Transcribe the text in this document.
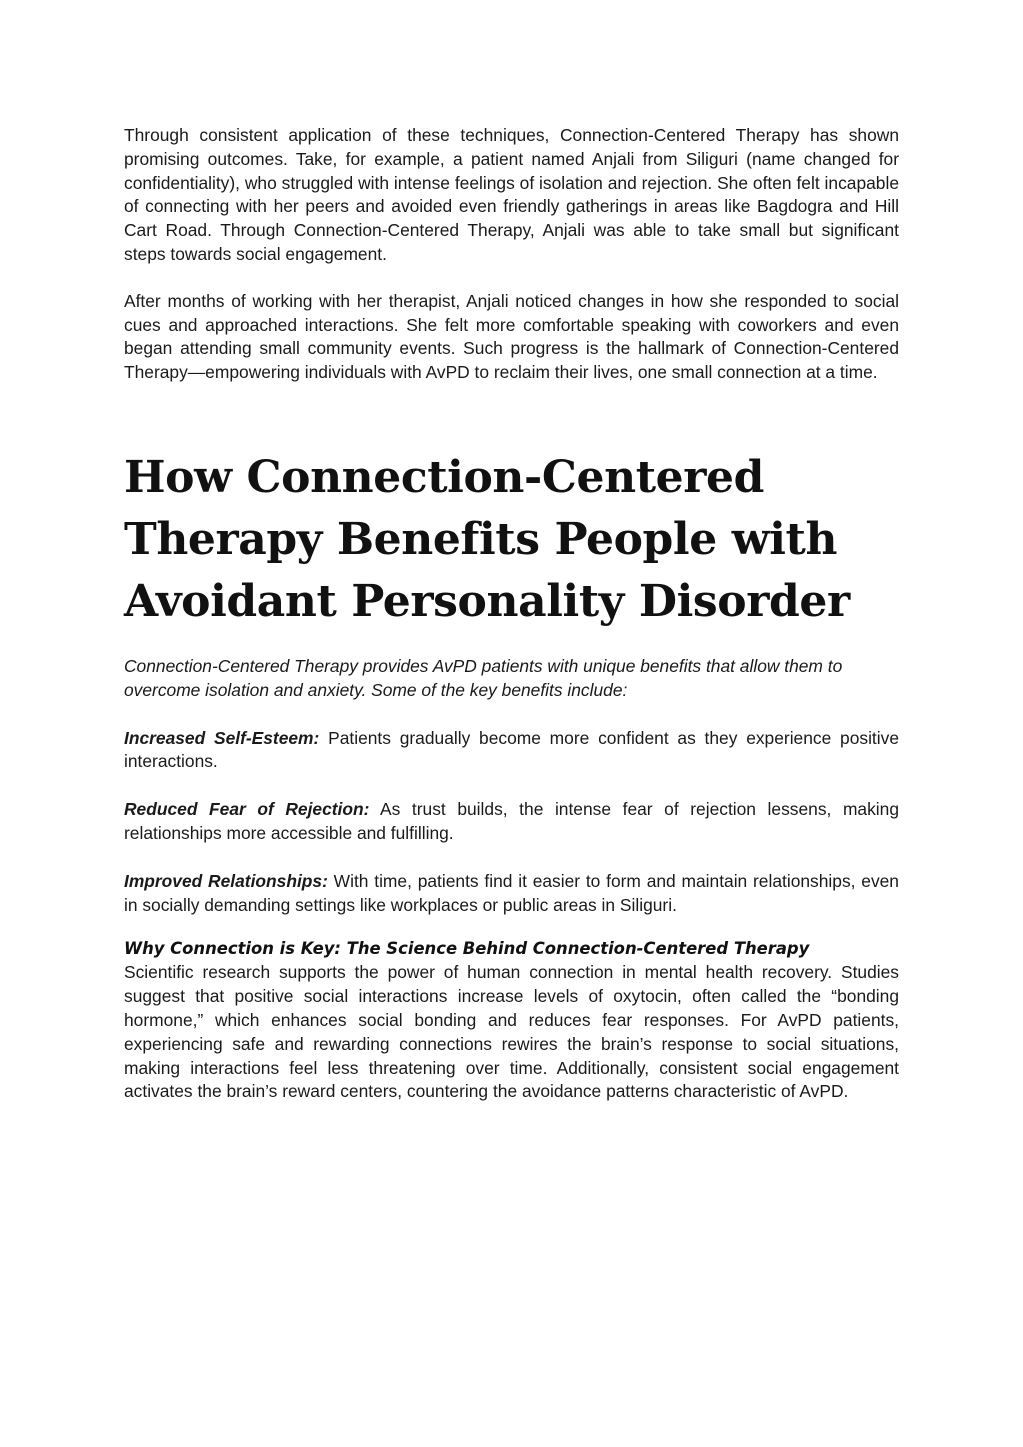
Through consistent application of these techniques, Connection-Centered Therapy has shown promising outcomes. Take, for example, a patient named Anjali from Siliguri (name changed for confidentiality), who struggled with intense feelings of isolation and rejection. She often felt incapable of connecting with her peers and avoided even friendly gatherings in areas like Bagdogra and Hill Cart Road. Through Connection-Centered Therapy, Anjali was able to take small but significant steps towards social engagement.

After months of working with her therapist, Anjali noticed changes in how she responded to social cues and approached interactions. She felt more comfortable speaking with coworkers and even began attending small community events. Such progress is the hallmark of Connection-Centered Therapy—empowering individuals with AvPD to reclaim their lives, one small connection at a time.

How Connection-Centered Therapy Benefits People with Avoidant Personality Disorder

Connection-Centered Therapy provides AvPD patients with unique benefits that allow them to overcome isolation and anxiety. Some of the key benefits include:

Increased Self-Esteem: Patients gradually become more confident as they experience positive interactions.

Reduced Fear of Rejection: As trust builds, the intense fear of rejection lessens, making relationships more accessible and fulfilling.

Improved Relationships: With time, patients find it easier to form and maintain relationships, even in socially demanding settings like workplaces or public areas in Siliguri.

Why Connection is Key: The Science Behind Connection-Centered Therapy

Scientific research supports the power of human connection in mental health recovery. Studies suggest that positive social interactions increase levels of oxytocin, often called the “bonding hormone,” which enhances social bonding and reduces fear responses. For AvPD patients, experiencing safe and rewarding connections rewires the brain’s response to social situations, making interactions feel less threatening over time. Additionally, consistent social engagement activates the brain’s reward centers, countering the avoidance patterns characteristic of AvPD.
